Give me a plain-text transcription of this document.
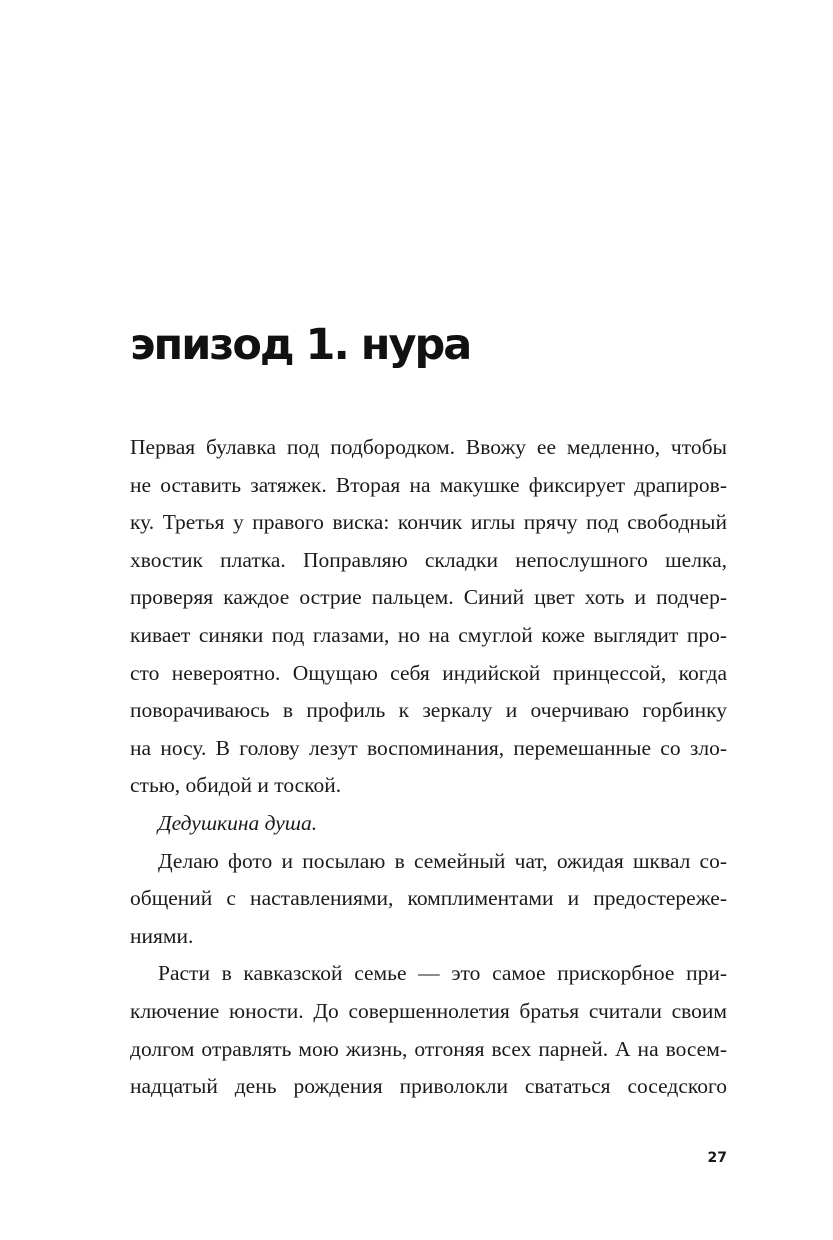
эпизод 1. нура
Первая булавка под подбородком. Ввожу ее медленно, чтобы
не оставить затяжек. Вторая на макушке фиксирует драпиров-
ку. Третья у правого виска: кончик иглы прячу под свободный
хвостик платка. Поправляю складки непослушного шелка,
проверяя каждое острие пальцем. Синий цвет хоть и подчер-
кивает синяки под глазами, но на смуглой коже выглядит про-
сто невероятно. Ощущаю себя индийской принцессой, когда
поворачиваюсь в профиль к зеркалу и очерчиваю горбинку
на носу. В голову лезут воспоминания, перемешанные со зло-
стью, обидой и тоской.
Дедушкина душа.
Делаю фото и посылаю в семейный чат, ожидая шквал со-
общений с наставлениями, комплиментами и предостереже-
ниями.
Расти в кавказской семье — это самое прискорбное при-
ключение юности. До совершеннолетия братья считали своим
долгом отравлять мою жизнь, отгоняя всех парней. А на восем-
надцатый день рождения приволокли свататься соседского
27
